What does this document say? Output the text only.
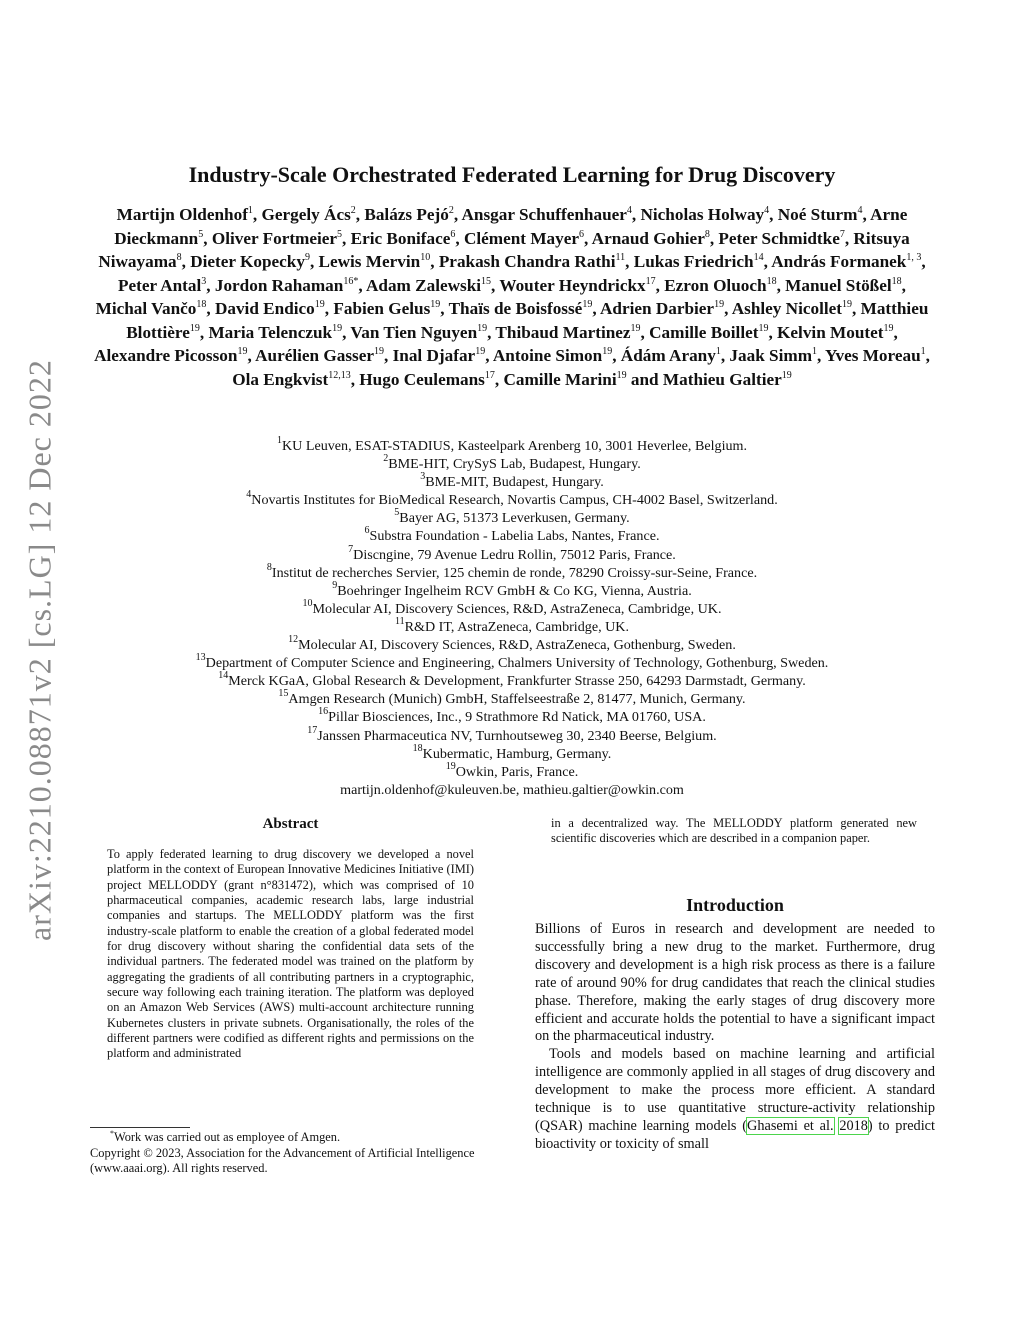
arXiv:2210.08871v2 [cs.LG] 12 Dec 2022
Industry-Scale Orchestrated Federated Learning for Drug Discovery
Martijn Oldenhof$^1$, Gergely Ács$^2$, Balázs Pejó$^2$, Ansgar Schuffenhauer$^4$, Nicholas Holway$^4$, Noé Sturm$^4$, Arne Dieckmann$^5$, Oliver Fortmeier$^5$, Eric Boniface$^6$, Clément Mayer$^6$, Arnaud Gohier$^8$, Peter Schmidtke$^7$, Ritsuya Niwayama$^8$, Dieter Kopecky$^9$, Lewis Mervin$^{10}$, Prakash Chandra Rathi$^{11}$, Lukas Friedrich$^{14}$, András Formanek$^{1, 3}$, Peter Antal$^3$, Jordon Rahaman$^{16*}$, Adam Zalewski$^{15}$, Wouter Heyndrickx$^{17}$, Ezron Oluoch$^{18}$, Manuel Stößel$^{18}$, Michal Vančo$^{18}$, David Endico$^{19}$, Fabien Gelus$^{19}$, Thaïs de Boisfossé$^{19}$, Adrien Darbier$^{19}$, Ashley Nicollet$^{19}$, Matthieu Blottière$^{19}$, Maria Telenczuk$^{19}$, Van Tien Nguyen$^{19}$, Thibaud Martinez$^{19}$, Camille Boillet$^{19}$, Kelvin Moutet$^{19}$, Alexandre Picosson$^{19}$, Aurélien Gasser$^{19}$, Inal Djafar$^{19}$, Antoine Simon$^{19}$, Ádám Arany$^1$, Jaak Simm$^1$, Yves Moreau$^1$, Ola Engkvist$^{12,13}$, Hugo Ceulemans$^{17}$, Camille Marini$^{19}$ and Mathieu Galtier$^{19}$
$^1$KU Leuven, ESAT-STADIUS, Kasteelpark Arenberg 10, 3001 Heverlee, Belgium.
$^2$BME-HIT, CrySyS Lab, Budapest, Hungary.
$^3$BME-MIT, Budapest, Hungary.
$^4$Novartis Institutes for BioMedical Research, Novartis Campus, CH-4002 Basel, Switzerland.
$^5$Bayer AG, 51373 Leverkusen, Germany.
$^6$Substra Foundation - Labelia Labs, Nantes, France.
$^7$Discngine, 79 Avenue Ledru Rollin, 75012 Paris, France.
$^8$Institut de recherches Servier, 125 chemin de ronde, 78290 Croissy-sur-Seine, France.
$^9$Boehringer Ingelheim RCV GmbH & Co KG, Vienna, Austria.
$^{10}$Molecular AI, Discovery Sciences, R&D, AstraZeneca, Cambridge, UK.
$^{11}$R&D IT, AstraZeneca, Cambridge, UK.
$^{12}$Molecular AI, Discovery Sciences, R&D, AstraZeneca, Gothenburg, Sweden.
$^{13}$Department of Computer Science and Engineering, Chalmers University of Technology, Gothenburg, Sweden.
$^{14}$Merck KGaA, Global Research & Development, Frankfurter Strasse 250, 64293 Darmstadt, Germany.
$^{15}$Amgen Research (Munich) GmbH, Staffelseestraße 2, 81477, Munich, Germany.
$^{16}$Pillar Biosciences, Inc., 9 Strathmore Rd Natick, MA 01760, USA.
$^{17}$Janssen Pharmaceutica NV, Turnhoutseweg 30, 2340 Beerse, Belgium.
$^{18}$Kubermatic, Hamburg, Germany.
$^{19}$Owkin, Paris, France.
martijn.oldenhof@kuleuven.be, mathieu.galtier@owkin.com
Abstract
To apply federated learning to drug discovery we developed a novel platform in the context of European Innovative Medicines Initiative (IMI) project MELLODDY (grant n°831472), which was comprised of 10 pharmaceutical companies, academic research labs, large industrial companies and startups. The MELLODDY platform was the first industry-scale platform to enable the creation of a global federated model for drug discovery without sharing the confidential data sets of the individual partners. The federated model was trained on the platform by aggregating the gradients of all contributing partners in a cryptographic, secure way following each training iteration. The platform was deployed on an Amazon Web Services (AWS) multi-account architecture running Kubernetes clusters in private subnets. Organisationally, the roles of the different partners were codified as different rights and permissions on the platform and administrated
in a decentralized way. The MELLODDY platform generated new scientific discoveries which are described in a companion paper.
Introduction

Billions of Euros in research and development are needed to successfully bring a new drug to the market. Furthermore, drug discovery and development is a high risk process as there is a failure rate of around 90% for drug candidates that reach the clinical studies phase. Therefore, making the early stages of drug discovery more efficient and accurate holds the potential to have a significant impact on the pharmaceutical industry.

Tools and models based on machine learning and artificial intelligence are commonly applied in all stages of drug discovery and development to make the process more efficient. A standard technique is to use quantitative structure-activity relationship (QSAR) machine learning models (Ghasemi et al. 2018) to predict bioactivity or toxicity of small

*Work was carried out as employee of Amgen.
Copyright © 2023, Association for the Advancement of Artificial Intelligence (www.aaai.org). All rights reserved.
